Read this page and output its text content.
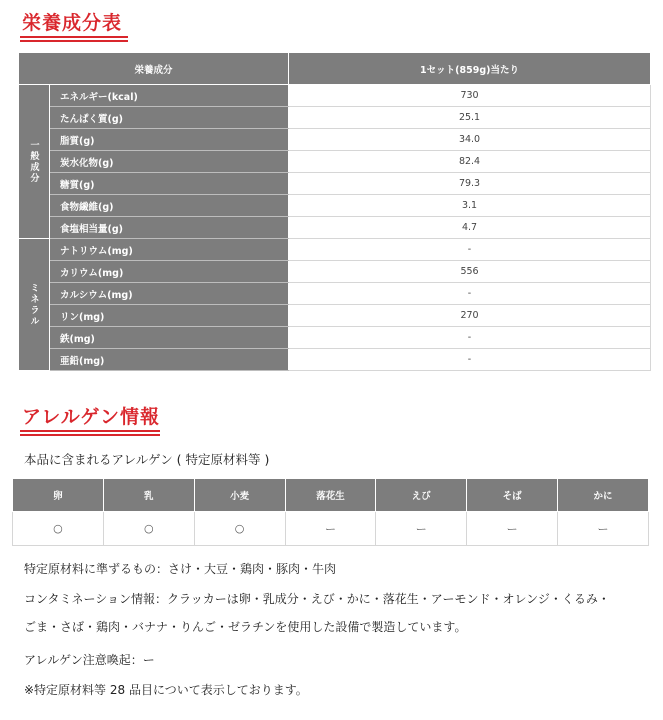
栄養成分表
栄養成分		1セット(859g)当たり
一般成分	エネルギー(kcal)	730
	たんぱく質(g)	25.1
	脂質(g)	34.0
	炭水化物(g)	82.4
	糖質(g)	79.3
	食物繊維(g)	3.1
	食塩相当量(g)	4.7
ミネラル	ナトリウム(mg)	-
	カリウム(mg)	556
	カルシウム(mg)	-
	リン(mg)	270
	鉄(mg)	-
	亜鉛(mg)	-
アレルゲン情報

本品に含まれるアレルゲン ( 特定原材料等 )

卵	乳	小麦	落花生	えび	そば	かに
○	○	○	ー	ー	ー	ー

特定原材料に準ずるもの：さけ・大豆・鶏肉・豚肉・牛肉

コンタミネーション情報：クラッカーは卵・乳成分・えび・かに・落花生・アーモンド・オレンジ・くるみ・

ごま・さば・鶏肉・バナナ・りんご・ゼラチンを使用した設備で製造しています。

アレルゲン注意喚起：ー

※特定原材料等 28 品目について表示しております。
